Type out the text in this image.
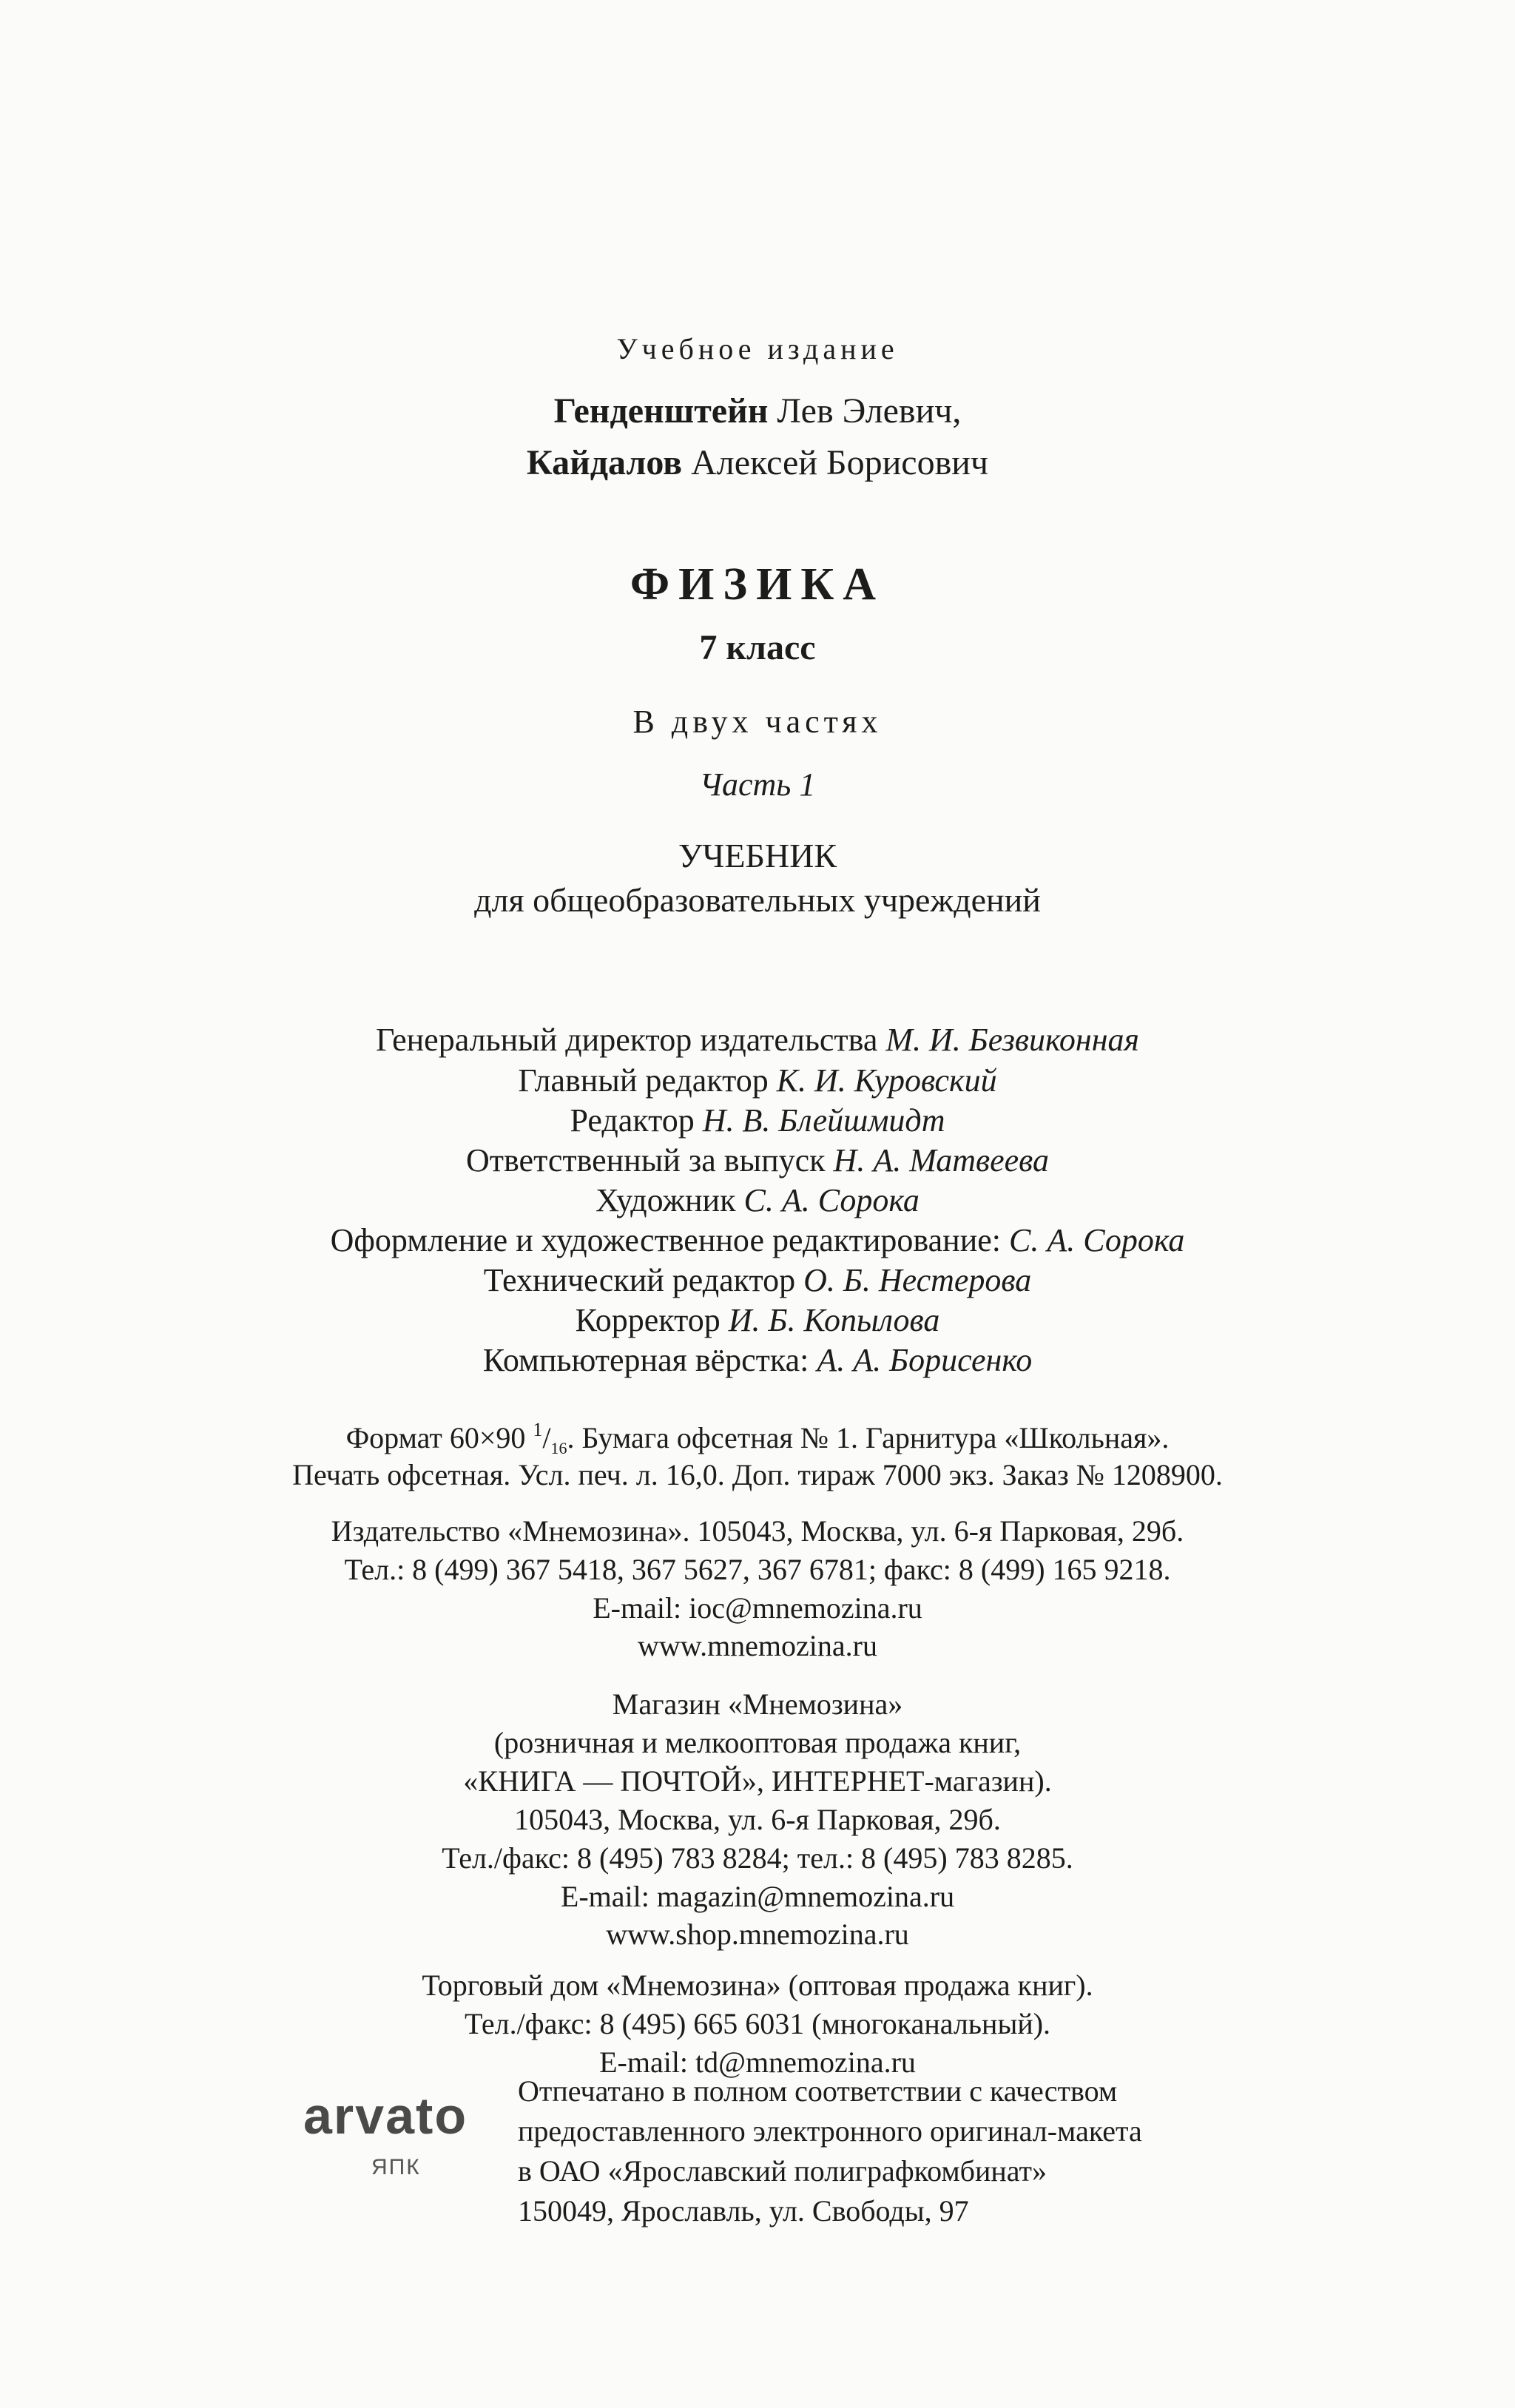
Учебное издание
Генденштейн Лев Элевич,
Кайдалов Алексей Борисович
ФИЗИКА
7 класс
В двух частях
Часть 1
УЧЕБНИК
для общеобразовательных учреждений
Генеральный директор издательства М. И. Безвиконная
Главный редактор К. И. Куровский
Редактор Н. В. Блейшмидт
Ответственный за выпуск Н. А. Матвеева
Художник С. А. Сорока
Оформление и художественное редактирование: С. А. Сорока
Технический редактор О. Б. Нестерова
Корректор И. Б. Копылова
Компьютерная вёрстка: А. А. Борисенко
Формат 60×90 $^1/_{16}$. Бумага офсетная № 1. Гарнитура «Школьная».
Печать офсетная. Усл. печ. л. 16,0. Доп. тираж 7000 экз. Заказ № 1208900.
Издательство «Мнемозина». 105043, Москва, ул. 6-я Парковая, 29б.
Тел.: 8 (499) 367 5418, 367 5627, 367 6781; факс: 8 (499) 165 9218.
E-mail: ioc@mnemozina.ru
www.mnemozina.ru
Магазин «Мнемозина»
(розничная и мелкооптовая продажа книг,
«КНИГА — ПОЧТОЙ», ИНТЕРНЕТ-магазин).
105043, Москва, ул. 6-я Парковая, 29б.
Тел./факс: 8 (495) 783 8284; тел.: 8 (495) 783 8285.
E-mail: magazin@mnemozina.ru
www.shop.mnemozina.ru
Торговый дом «Мнемозина» (оптовая продажа книг).
Тел./факс: 8 (495) 665 6031 (многоканальный).
E-mail: td@mnemozina.ru
arvato
ЯПК
Отпечатано в полном соответствии с качеством
предоставленного электронного оригинал-макета
в ОАО «Ярославский полиграфкомбинат»
150049, Ярославль, ул. Свободы, 97
